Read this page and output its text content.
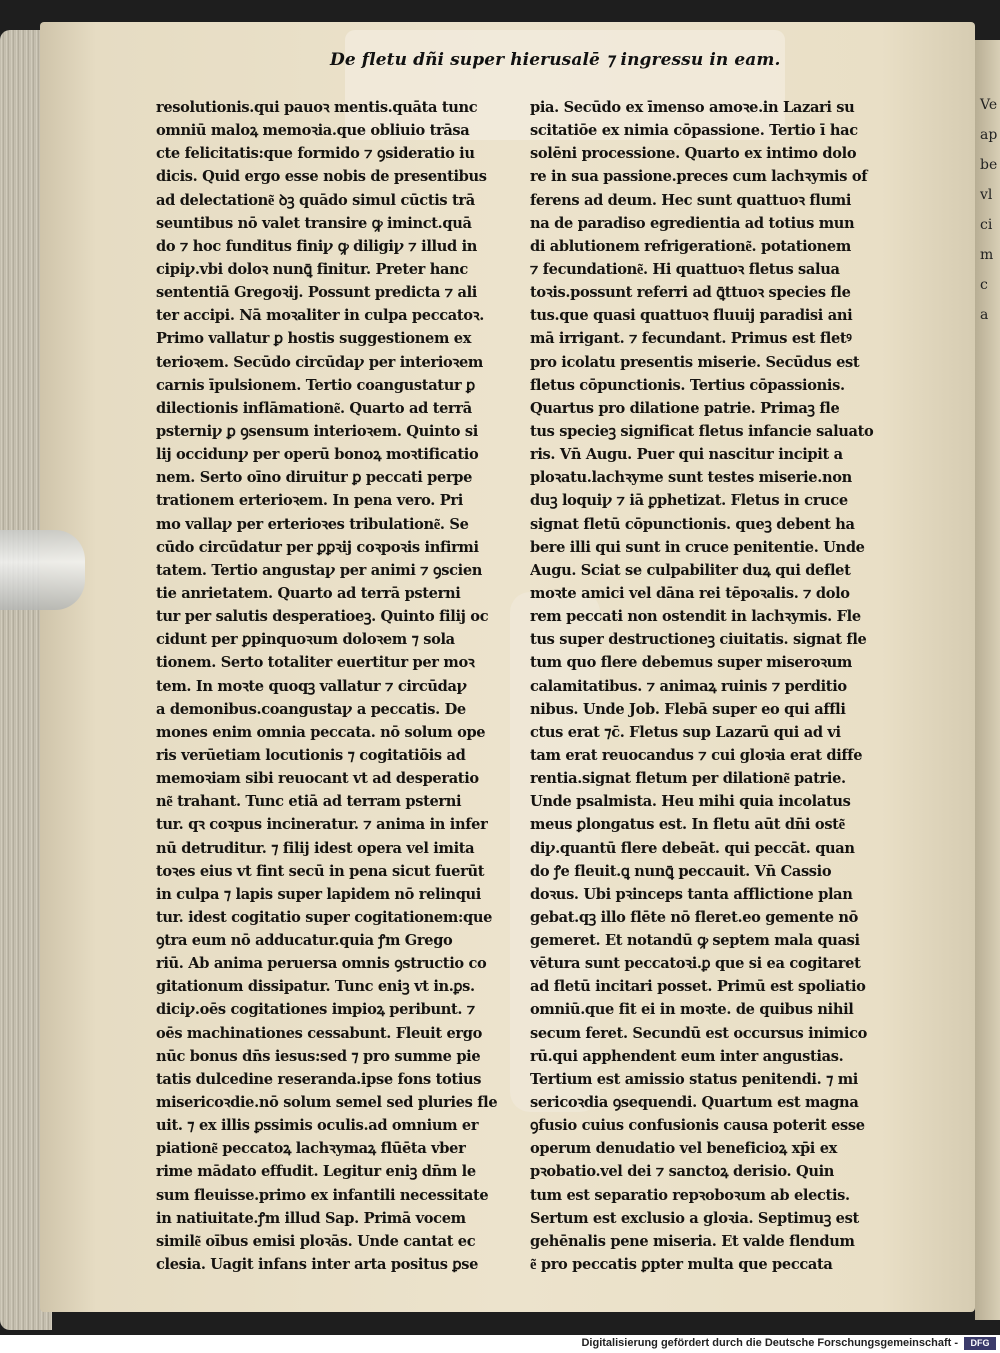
Ve
ap
be
vl
ci
m
c
a
De fletu dñi super hierusalē ⁊ ingressu in eam.
resolutionis.qui pauoꝛ mentis.quāta tunc
omniū maloꝝ memoꝛia.que obliuio trāsa
cte felicitatis:que formido ⁊ ꝯsideratio iu
dicis. Quid ergo esse nobis de presentibus
ad delectatione͂ ꝺꝫ quādo simul cūctis trā
seuntibus nō valet transire ꝙ iminct.quā
do ⁊ hoc funditus finiꝩ ꝙ diligiꝩ ⁊ illud in
cipiꝩ.vbi doloꝛ nunꝗ̄ finitur. Preter hanc
sententiā Gregoꝛij. Possunt predicta ⁊ ali
ter accipi. Nā moꝛaliter in culpa peccatoꝛ.
Primo vallatur ꝑ hostis suggestionem ex
terioꝛem. Secūdo circūdaꝩ per interioꝛem
carnis īpulsionem. Tertio coangustatur ꝑ
dilectionis inflāmatione͂. Quarto ad terrā
psterniꝩ ꝑ ꝯsensum interioꝛem. Quinto si
lij occidunꝩ per operū bonoꝝ moꝛtificatio
nem. Serto oīno diruitur ꝑ peccati perpe
trationem erterioꝛem. In pena vero. Pri
mo vallaꝩ per erterioꝛes tribulatione͂. Se
cūdo circūdatur per ꝑꝑꝛij coꝛpoꝛis infirmi
tatem. Tertio angustaꝩ per animi ⁊ ꝯscien
tie anrietatem. Quarto ad terrā psterni
tur per salutis desperatioeꝫ. Quinto filij oc
cidunt per ꝑpinquoꝛum doloꝛem ⁊ sola
tionem. Serto totaliter euertitur per moꝛ
tem. In moꝛte quoqꝫ vallatur ⁊ circūdaꝩ
a demonibus.coangustaꝩ a peccatis. De
mones enim omnia peccata. nō solum ope
ris verūetiam locutionis ⁊ cogitatiōis ad
memoꝛiam sibi reuocant vt ad desperatio
ne͂ trahant. Tunc etiā ad terram psterni
tur. qꝛ coꝛpus incineratur. ⁊ anima in infer
nū detruditur. ⁊ filij idest opera vel imita
toꝛes eius vt fint secū in pena sicut fuerūt
in culpa ⁊ lapis super lapidem nō relinqui
tur. idest cogitatio super cogitationem:que
ꝯtra eum nō adducatur.quia ꝭm Grego
riū. Ab anima peruersa omnis ꝯstructio co
gitationum dissipatur. Tunc eniꝫ vt in.ꝑs.
diciꝩ.oēs cogitationes impioꝝ peribunt. ⁊
oēs machinationes cessabunt. Fleuit ergo
nūc bonus dn̄s iesus:sed ⁊ pro summe pie
tatis dulcedine reseranda.ipse fons totius
misericoꝛdie.nō solum semel sed pluries fle
uit. ⁊ ex illis ꝑssimis oculis.ad omnium er
piatione͂ peccatoꝝ lachꝛymaꝝ flūēta vber
rime mādato effudit. Legitur eniꝫ dn̄m le
sum fleuisse.primo ex infantili necessitate
in natiuitate.ꝭm illud Sap. Primā vocem
simile͂ oībus emisi ploꝛās. Unde cantat ec
clesia. Uagit infans inter arta positus ꝑse
pia. Secūdo ex īmenso amoꝛe.in Lazari su
scitatiōe ex nimia cōpassione. Tertio ī hac
solēni processione. Quarto ex intimo dolo
re in sua passione.preces cum lachꝛymis of
ferens ad deum. Hec sunt quattuoꝛ flumi
na de paradiso egredientia ad totius mun
di ablutionem refrigeratione͂. potationem
⁊ fecundatione͂. Hi quattuoꝛ fletus salua
toꝛis.possunt referri ad ꝗ̄ttuoꝛ species fle
tus.que quasi quattuoꝛ fluuij paradisi ani
mā irrigant. ⁊ fecundant. Primus est fletꝰ
pro icolatu presentis miserie. Secūdus est
fletus cōpunctionis. Tertius cōpassionis.
Quartus pro dilatione patrie. Primaꝫ fle
tus specieꝫ significat fletus infancie saluato
ris. Vn̄ Augu. Puer qui nascitur incipit a
ploꝛatu.lachꝛyme sunt testes miserie.non
duꝫ loquiꝩ ⁊ iā ꝑphetizat. Fletus in cruce
signat fletū cōpunctionis. queꝫ debent ha
bere illi qui sunt in cruce penitentie. Unde
Augu. Sciat se culpabiliter duꝝ qui deflet
moꝛte amici vel dāna rei tēpoꝛalis. ⁊ dolo
rem peccati non ostendit in lachꝛymis. Fle
tus super destructioneꝫ ciuitatis. signat fle
tum quo flere debemus super miseroꝛum
calamitatibus. ⁊ animaꝝ ruinis ⁊ perditio
nibus. Unde Job. Flebā super eo qui affli
ctus erat ⁊c̄. Fletus sup Lazarū qui ad vi
tam erat reuocandus ⁊ cui gloꝛia erat diffe
rentia.signat fletum per dilatione͂ patrie.
Unde psalmista. Heu mihi quia incolatus
meus ꝑlongatus est. In fletu aūt dn̄i oste͂
diꝩ.quantū flere debeāt. qui peccāt. quan
do ꝭe fleuit.ꝗ nunꝗ̄ peccauit. Vn̄ Cassio
doꝛus. Ubi pꝛinceps tanta afflictione plan
gebat.qꝫ illo flēte nō fleret.eo gemente nō
gemeret. Et notandū ꝙ septem mala quasi
vētura sunt peccatoꝛi.ꝑ que si ea cogitaret
ad fletū incitari posset. Primū est spoliatio
omniū.que fit ei in moꝛte. de quibus nihil
secum feret. Secundū est occursus inimico
rū.qui apphendent eum inter angustias.
Tertium est amissio status penitendi. ⁊ mi
sericoꝛdia ꝯsequendi. Quartum est magna
ꝯfusio cuius confusionis causa poterit esse
operum denudatio vel beneficioꝝ xp̄i ex
pꝛobatio.vel dei ⁊ sanctoꝝ derisio. Quin
tum est separatio repꝛoboꝛum ab electis.
Sertum est exclusio a gloꝛia. Septimuꝫ est
gehēnalis pene miseria. Et valde flendum
e͂ pro peccatis ꝑpter multa que peccata
Digitalisierung gefördert durch die Deutsche Forschungsgemeinschaft -	DFG
